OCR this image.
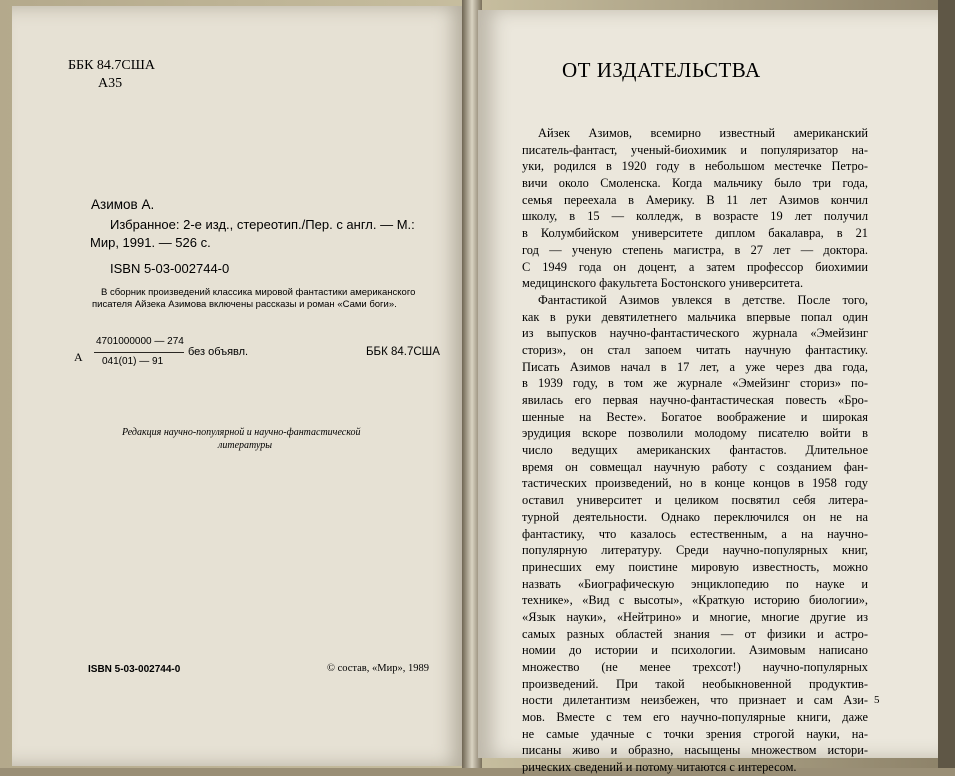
ББК 84.7США
А35
Азимов А.
Избранное: 2-е изд., стереотип./Пер. с англ. — М.:
Мир, 1991. — 526 с.
ISBN 5-03-002744-0
В сборник произведений классика мировой фантастики американского
писателя Айзека Азимова включены рассказы и роман «Сами боги».
А
4701000000 — 274
041(01) — 91
без объявл.	ББК 84.7США
Редакция научно-популярной и научно-фантастической
литературы
ISBN 5-03-002744-0	© состав, «Мир», 1989
ОТ ИЗДАТЕЛЬСТВА
Айзек Азимов, всемирно известный американский
писатель-фантаст, ученый-биохимик и популяризатор на-
уки, родился в 1920 году в небольшом местечке Петро-
вичи около Смоленска. Когда мальчику было три года,
семья переехала в Америку. В 11 лет Азимов кончил
школу, в 15 — колледж, в возрасте 19 лет получил
в Колумбийском университете диплом бакалавра, в 21
год — ученую степень магистра, в 27 лет — доктора.
С 1949 года он доцент, а затем профессор биохимии
медицинского факультета Бостонского университета.
Фантастикой Азимов увлекся в детстве. После того,
как в руки девятилетнего мальчика впервые попал один
из выпусков научно-фантастического журнала «Эмейзинг
сториз», он стал запоем читать научную фантастику.
Писать Азимов начал в 17 лет, а уже через два года,
в 1939 году, в том же журнале «Эмейзинг сториз» по-
явилась его первая научно-фантастическая повесть «Бро-
шенные на Весте». Богатое воображение и широкая
эрудиция вскоре позволили молодому писателю войти в
число ведущих американских фантастов. Длительное
время он совмещал научную работу с созданием фан-
тастических произведений, но в конце концов в 1958 году
оставил университет и целиком посвятил себя литера-
турной деятельности. Однако переключился он не на
фантастику, что казалось естественным, а на научно-
популярную литературу. Среди научно-популярных книг,
принесших ему поистине мировую известность, можно
назвать «Биографическую энциклопедию по науке и
технике», «Вид с высоты», «Краткую историю биологии»,
«Язык науки», «Нейтрино» и многие, многие другие из
самых разных областей знания — от физики и астро-
номии до истории и психологии. Азимовым написано
множество (не менее трехсот!) научно-популярных
произведений. При такой необыкновенной продуктив-
ности дилетантизм неизбежен, что признает и сам Ази-
мов. Вместе с тем его научно-популярные книги, даже
не самые удачные с точки зрения строгой науки, на-
писаны живо и образно, насыщены множеством истори-
рических сведений и потому читаются с интересом.
5
